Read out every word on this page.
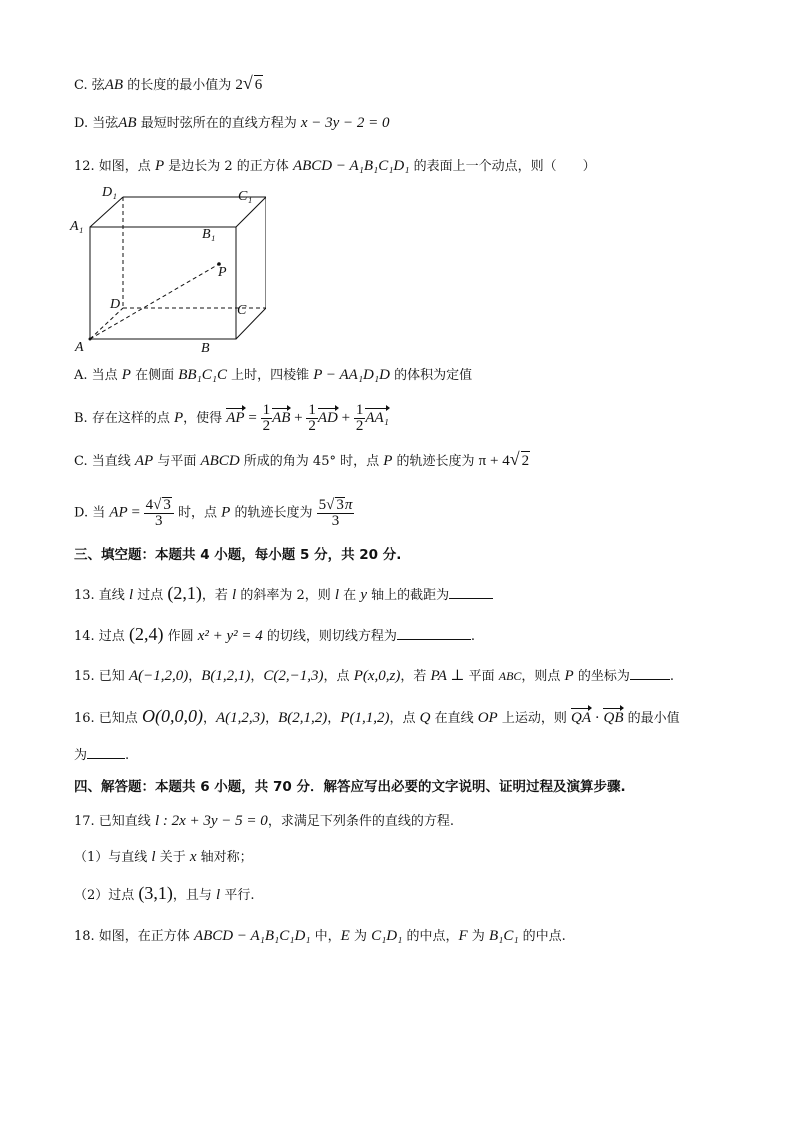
C. 弦AB 的长度的最小值为 2√ 6
D. 当弦AB 最短时弦所在的直线方程为 x − 3y − 2 = 0
12. 如图，点 P 是边长为 2 的正方体 ABCD − A₁B₁C₁D₁ 的表面上一个动点，则（　　）
D₁	C₁
A₁
B₁
P
D	C
A	B
A. 当点 P 在侧面 BB₁C₁C 上时，四棱锥 P − AA₁D₁D 的体积为定值
B. 存在这样的点 P，使得 AP = $\frac{1}{2}$ AB + $\frac{1}{2}$ AD + $\frac{1}{2} AA_1$
C. 当直线 AP 与平面 ABCD 所成的角为 45° 时，点 P 的轨迹长度为 π + 4√ 2
D. 当 AP = $\frac{4√ 3}{3}$ 时，点 P 的轨迹长度为 $\frac{5√ 3\pi}{3}$
三、填空题：本题共 4 小题，每小题 5 分，共 20 分.
13. 直线 l 过点 (2,1)，若 l 的斜率为 2，则 l 在 y 轴上的截距为
14. 过点 (2,4) 作圆 x² + y² = 4 的切线，则切线方程为	.
15. 已知 A(−1,2,0)，B(1,2,1)，C(2,−1,3)，点 P(x,0,z)，若 PA ⊥ 平面 ABC，则点 P 的坐标为	.
16. 已知点 O(0,0,0)，A(1,2,3)，B(2,1,2)，P(1,1,2)，点 Q 在直线 OP 上运动，则 QA · QB 的最小值
为	.
四、解答题：本题共 6 小题，共 70 分．解答应写出必要的文字说明、证明过程及演算步骤.
17. 已知直线 l : 2x + 3y − 5 = 0，求满足下列条件的直线的方程.
（1）与直线 l 关于 x 轴对称；
（2）过点 (3,1)，且与 l 平行.
18. 如图，在正方体 ABCD − A₁B₁C₁D₁ 中，E 为 C₁D₁ 的中点，F 为 B₁C₁ 的中点.
